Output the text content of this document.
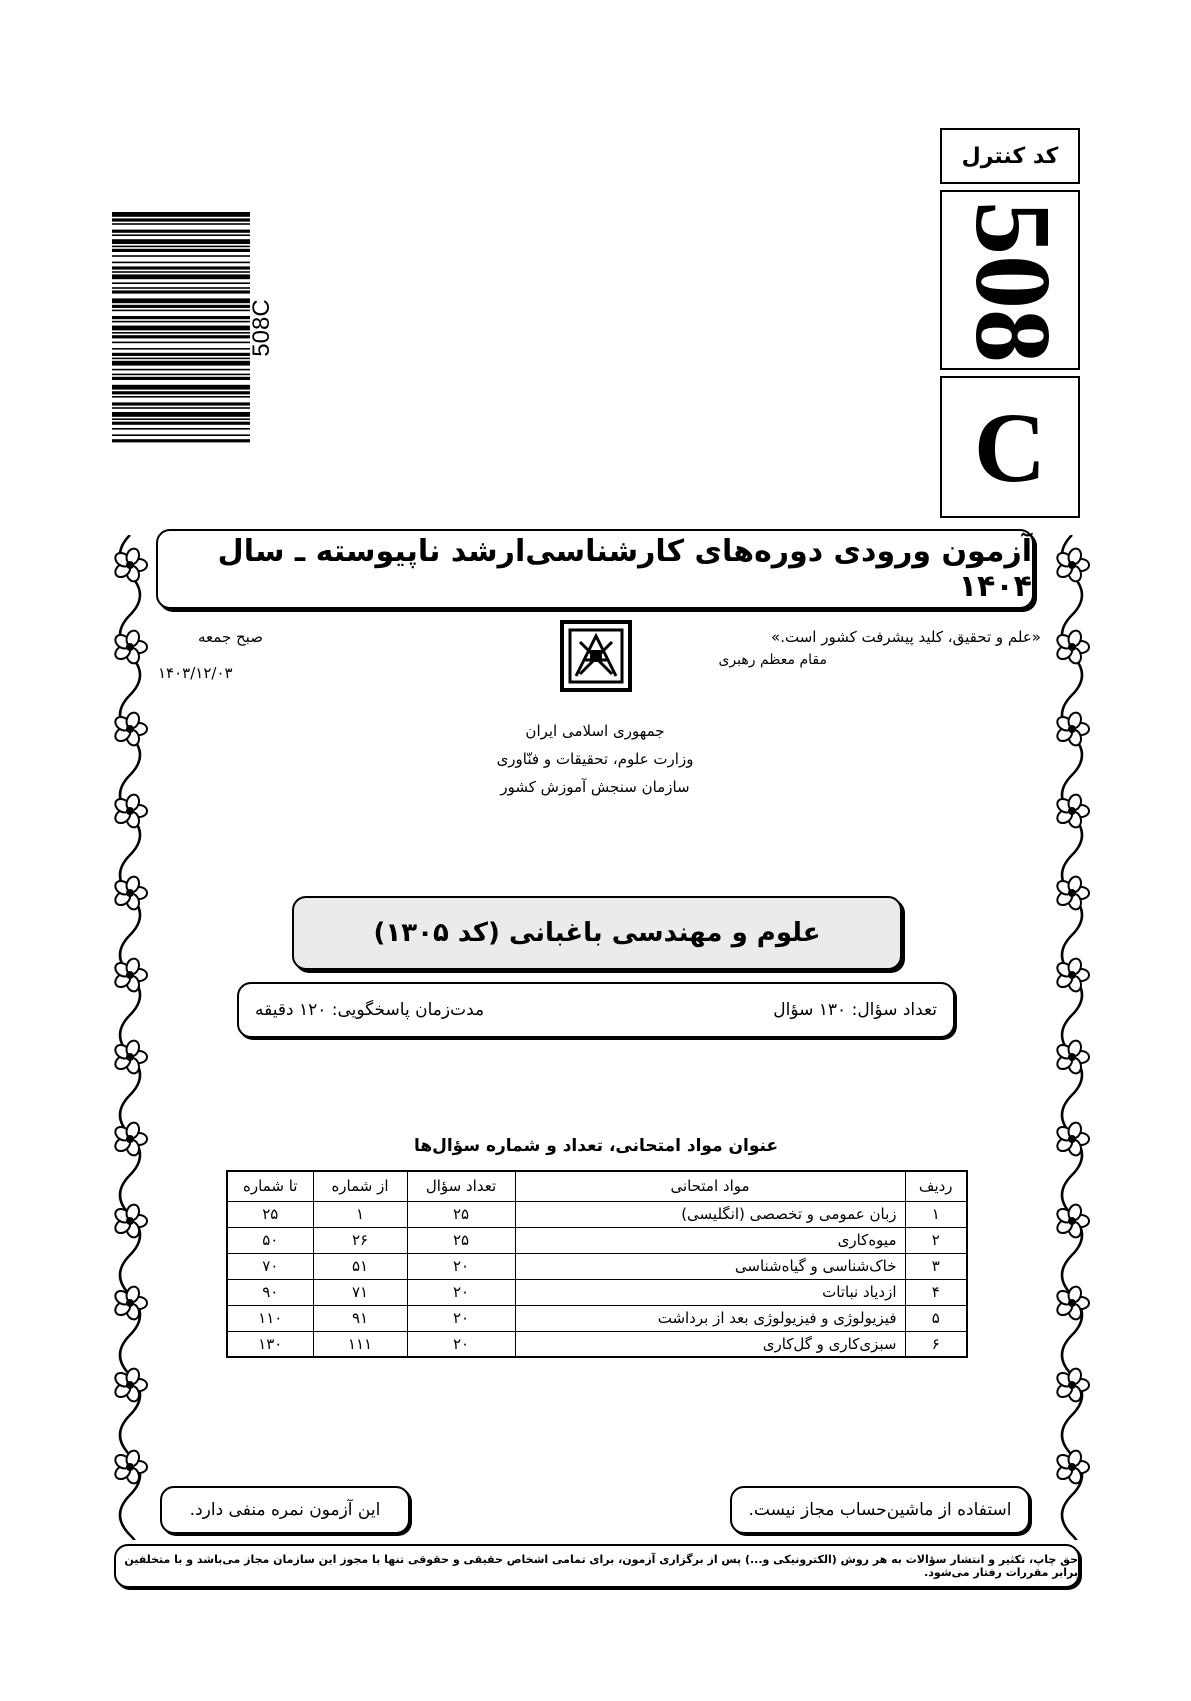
کد کنترل
508
C
508C
آزمون ورودی دوره‌های کارشناسی‌ارشد ناپیوسته ـ سال ۱۴۰۴
«علم و تحقیق، کلید پیشرفت کشور است.»
مقام معظم رهبری
صبح جمعه
۱۴۰۳/۱۲/۰۳
جمهوری اسلامی ایران
وزارت علوم، تحقیقات و فنّاوری
سازمان سنجش آموزش کشور
علوم و مهندسی باغبانی (کد ۱۳۰۵)
تعداد سؤال: ۱۳۰ سؤال
مدت‌زمان پاسخگویی: ۱۲۰ دقیقه
عنوان مواد امتحانی، تعداد و شماره سؤال‌ها
ردیف	مواد امتحانی	تعداد سؤال	از شماره	تا شماره
۱	زبان عمومی و تخصصی (انگلیسی)	۲۵	۱	۲۵
۲	میوه‌کاری	۲۵	۲۶	۵۰
۳	خاک‌شناسی و گیاه‌شناسی	۲۰	۵۱	۷۰
۴	ازدیاد نباتات	۲۰	۷۱	۹۰
۵	فیزیولوژی و فیزیولوژی بعد از برداشت	۲۰	۹۱	۱۱۰
۶	سبزی‌کاری و گل‌کاری	۲۰	۱۱۱	۱۳۰
استفاده از ماشین‌حساب مجاز نیست.
این آزمون نمره منفی دارد.
حق چاپ، تکثیر و انتشار سؤالات به هر روش (الکترونیکی و...) پس از برگزاری آزمون، برای تمامی اشخاص حقیقی و حقوقی تنها با مجوز این سازمان مجاز می‌باشد و با متخلفین برابر مقررات رفتار می‌شود.
